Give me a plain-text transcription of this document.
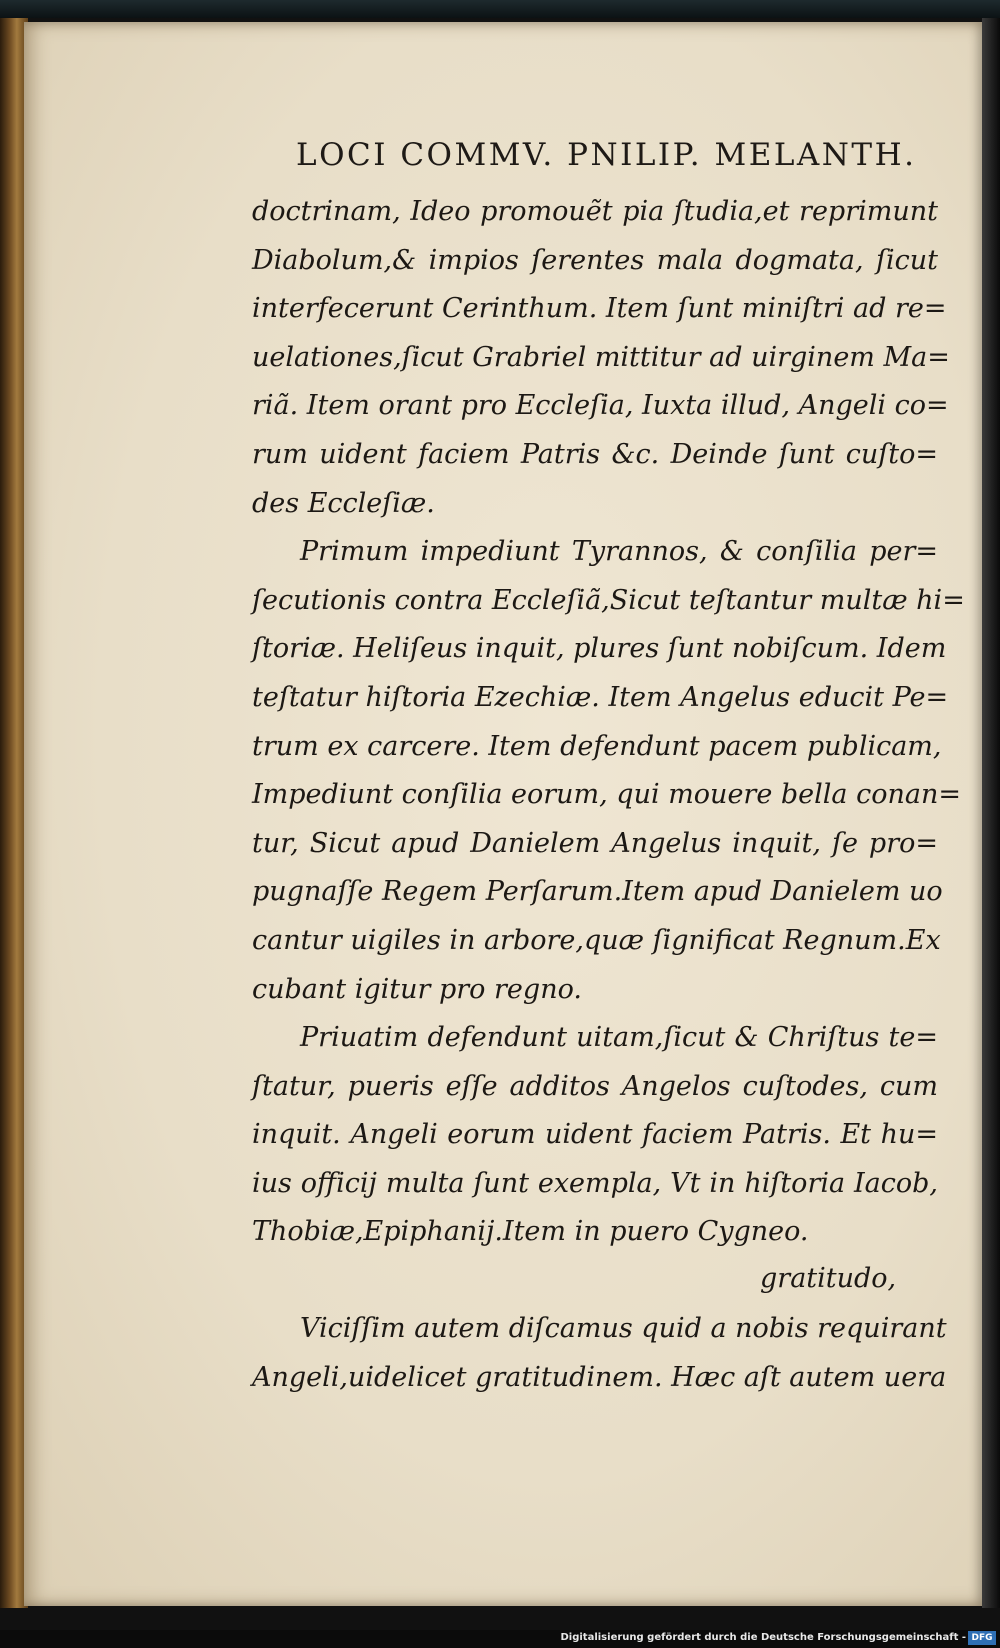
LOCI COMMV. PNILIP. MELANTH.
doctrinam, Ideo promouẽt pia ſtudia,et reprimunt
Diabolum,& impios ſerentes mala dogmata, ſicut
interfecerunt Cerinthum. Item ſunt miniſtri ad re=
uelationes,ſicut Grabriel mittitur ad uirginem Ma=
riã. Item orant pro Eccleſia, Iuxta illud, Angeli co=
rum uident faciem Patris &c. Deinde ſunt cuſto=
des Eccleſiæ.
Primum impediunt Tyrannos, & conſilia per=
ſecutionis contra Eccleſiã,Sicut teſtantur multæ hi=
ſtoriæ. Heliſeus inquit, plures ſunt nobiſcum. Idem
teſtatur hiſtoria Ezechiæ. Item Angelus educit Pe=
trum ex carcere. Item defendunt pacem publicam,
Impediunt conſilia eorum, qui mouere bella conan=
tur, Sicut apud Danielem Angelus inquit, ſe pro=
pugnaſſe Regem Perſarum.Item apud Danielem uo
cantur uigiles in arbore,quæ ſignificat Regnum.Ex
cubant igitur pro regno.
Priuatim defendunt uitam,ſicut & Chriſtus te=
ſtatur, pueris eſſe additos Angelos cuſtodes, cum
inquit. Angeli eorum uident faciem Patris. Et hu=
ius officij multa ſunt exempla, Vt in hiſtoria Iacob,
Thobiæ,Epiphanij.Item in puero Cygneo.
Viciſſim autem diſcamus quid a nobis requirant
Angeli,uidelicet gratitudinem. Hæc aſt autem uera
gratitudo,
Digitalisierung gefördert durch die Deutsche Forschungsgemeinschaft - DFG
